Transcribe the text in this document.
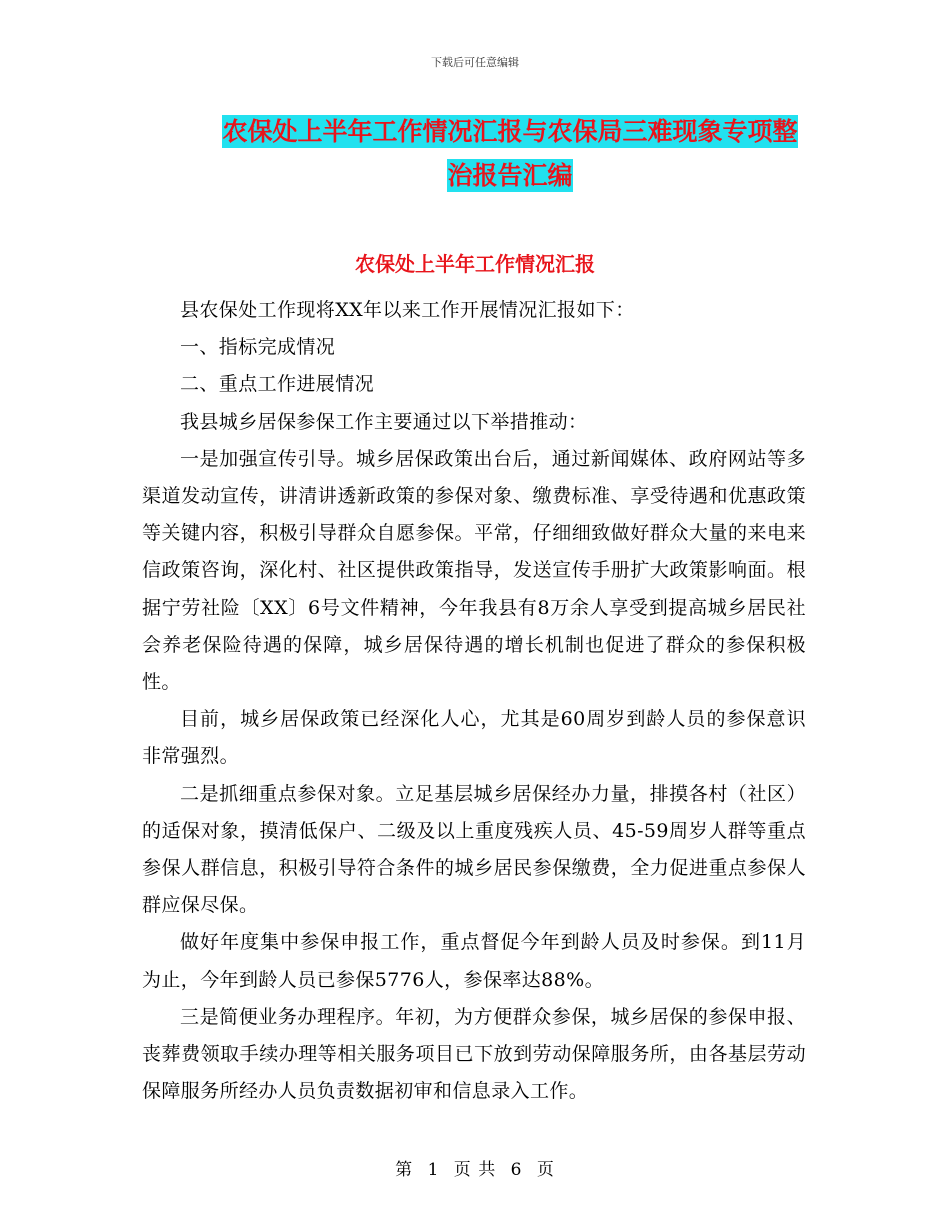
下载后可任意编辑
农保处上半年工作情况汇报与农保局三难现象专项整
治报告汇编
农保处上半年工作情况汇报

县农保处工作现将XX年以来工作开展情况汇报如下：

一、指标完成情况

二、重点工作进展情况

我县城乡居保参保工作主要通过以下举措推动：

一是加强宣传引导。城乡居保政策出台后，通过新闻媒体、政府网站等多渠道发动宣传，讲清讲透新政策的参保对象、缴费标准、享受待遇和优惠政策等关键内容，积极引导群众自愿参保。平常，仔细细致做好群众大量的来电来信政策咨询，深化村、社区提供政策指导，发送宣传手册扩大政策影响面。根据宁劳社险〔XX〕6号文件精神，今年我县有8万余人享受到提高城乡居民社会养老保险待遇的保障，城乡居保待遇的增长机制也促进了群众的参保积极性。

目前，城乡居保政策已经深化人心，尤其是60周岁到龄人员的参保意识非常强烈。

二是抓细重点参保对象。立足基层城乡居保经办力量，排摸各村（社区）的适保对象，摸清低保户、二级及以上重度残疾人员、45-59周岁人群等重点参保人群信息，积极引导符合条件的城乡居民参保缴费，全力促进重点参保人群应保尽保。

做好年度集中参保申报工作，重点督促今年到龄人员及时参保。到11月为止，今年到龄人员已参保5776人，参保率达88%。

三是简便业务办理程序。年初，为方便群众参保，城乡居保的参保申报、丧葬费领取手续办理等相关服务项目已下放到劳动保障服务所，由各基层劳动保障服务所经办人员负责数据初审和信息录入工作。

第 1 页 共 6 页
